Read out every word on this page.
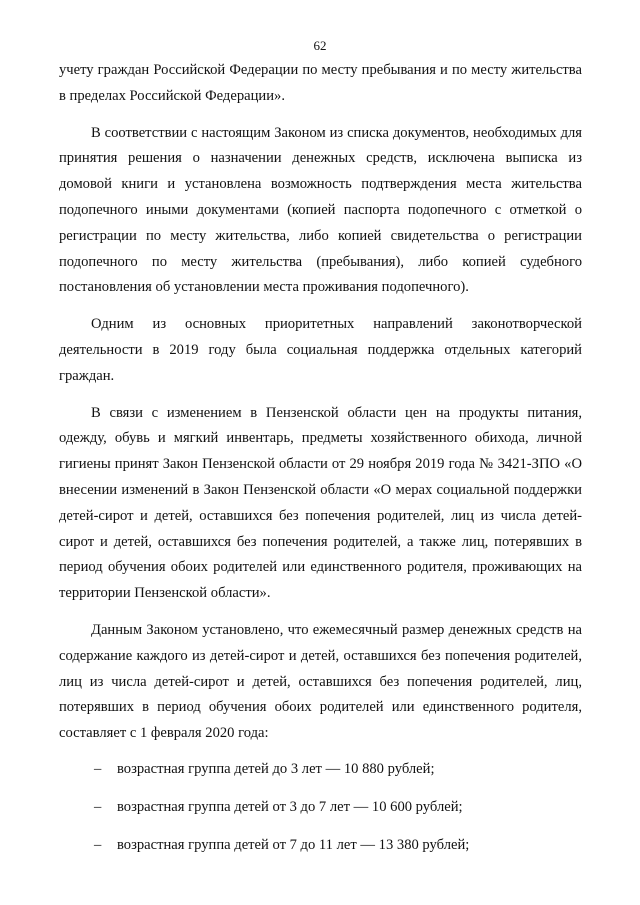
62

учету граждан Российской Федерации по месту пребывания и по месту жительства в пределах Российской Федерации».

В соответствии с настоящим Законом из списка документов, необходимых для принятия решения о назначении денежных средств, исключена выписка из домовой книги и установлена возможность подтверждения места жительства подопечного иными документами (копией паспорта подопечного с отметкой о регистрации по месту жительства, либо копией свидетельства о регистрации подопечного по месту жительства (пребывания), либо копией судебного постановления об установлении места проживания подопечного).

Одним из основных приоритетных направлений законотворческой деятельности в 2019 году была социальная поддержка отдельных категорий граждан.

В связи с изменением в Пензенской области цен на продукты питания, одежду, обувь и мягкий инвентарь, предметы хозяйственного обихода, личной гигиены принят Закон Пензенской области от 29 ноября 2019 года № 3421-ЗПО «О внесении изменений в Закон Пензенской области «О мерах социальной поддержки детей-сирот и детей, оставшихся без попечения родителей, лиц из числа детей-сирот и детей, оставшихся без попечения родителей, а также лиц, потерявших в период обучения обоих родителей или единственного родителя, проживающих на территории Пензенской области».

Данным Законом установлено, что ежемесячный размер денежных средств на содержание каждого из детей-сирот и детей, оставшихся без попечения родителей, лиц из числа детей-сирот и детей, оставшихся без попечения родителей, лиц, потерявших в период обучения обоих родителей или единственного родителя, составляет с 1 февраля 2020 года:

– возрастная группа детей до 3 лет — 10 880 рублей;
– возрастная группа детей от 3 до 7 лет — 10 600 рублей;
– возрастная группа детей от 7 до 11 лет — 13 380 рублей;
